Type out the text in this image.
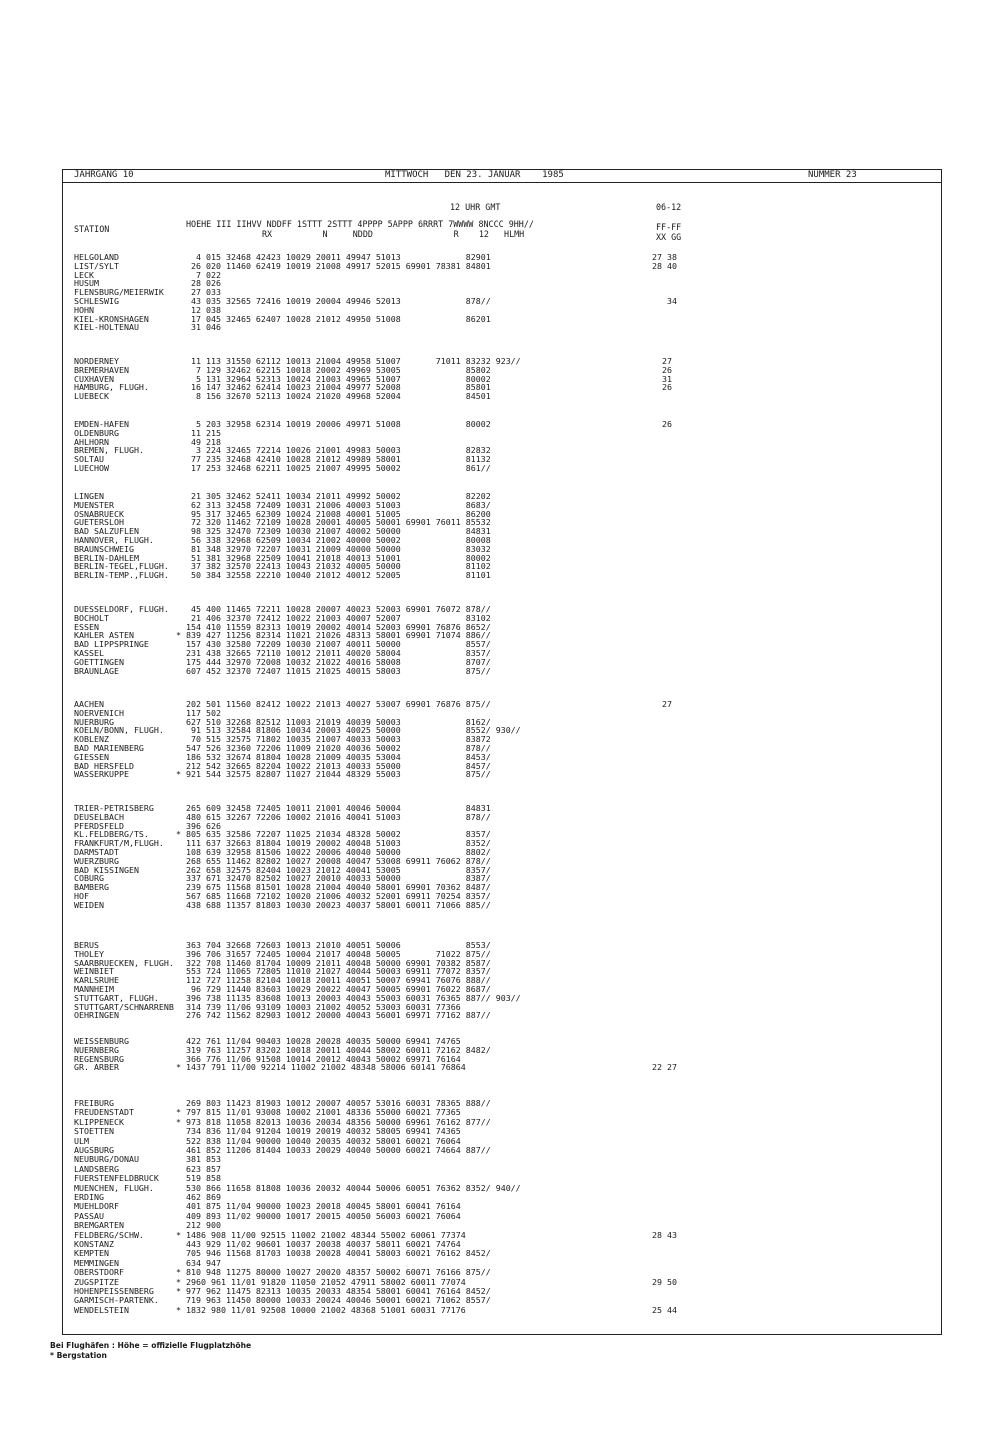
JAHRGANG 10	MITTWOCH   DEN 23. JANUAR    1985	NUMMER 23
12 UHR GMT	06-12
STATION	HOEHE III IIHVV NDDFF 1STTT 2STTT 4PPPP 5APPP 6RRRT 7WWWW 8NCCC 9HH//
RX          N     NDDD                R    12   HLMH
FF-FF
XX GG
HELGOLAND	4 015 32468 42423 10029 20011 49947 51013             82901	27 38
LIST/SYLT	26 020 11460 62419 10019 21008 49917 52015 69901 78381 84801	28 40
LECK	7 022
HUSUM	28 026
FLENSBURG/MEIERWIK	27 033
SCHLESWIG	43 035 32565 72416 10019 20004 49946 52013             878//	34
HOHN	12 038
KIEL-KRONSHAGEN	17 045 32465 62407 10028 21012 49950 51008             86201
KIEL-HOLTENAU	31 046
NORDERNEY	11 113 31550 62112 10013 21004 49958 51007       71011 83232 923//	27
BREMERHAVEN	7 129 32462 62215 10018 20002 49969 53005             85802	26
CUXHAVEN	5 131 32964 52313 10024 21003 49965 51007             80002	31
HAMBURG, FLUGH.	16 147 32462 62414 10023 21004 49977 52008             85801	26
LUEBECK	8 156 32670 52113 10024 21020 49968 52004             84501
EMDEN-HAFEN	5 203 32958 62314 10019 20006 49971 51008             80002	26
OLDENBURG	11 215
AHLHORN	49 218
BREMEN, FLUGH.	3 224 32465 72214 10026 21001 49983 50003             82832
SOLTAU	77 235 32468 42410 10028 21012 49989 58001             81132
LUECHOW	17 253 32468 62211 10025 21007 49995 50002             861//
LINGEN	21 305 32462 52411 10034 21011 49992 50002             82202
MUENSTER	62 313 32458 72409 10031 21006 40003 51003             8683/
OSNABRUECK	95 317 32465 62309 10024 21008 40001 51005             86200
GUETERSLOH	72 320 11462 72109 10028 20001 40005 50001 69901 76011 85532
BAD SALZUFLEN	98 325 32470 72309 10030 21007 40002 50000             84831
HANNOVER, FLUGH.	56 338 32968 62509 10034 21002 40000 50002             80008
BRAUNSCHWEIG	81 348 32970 72207 10031 21009 40000 50000             83032
BERLIN-DAHLEM	51 381 32968 22509 10041 21018 40013 51001             80002
BERLIN-TEGEL,FLUGH. 37 382 32570 22413 10043 21032 40005 50000             81102
BERLIN-TEMP.,FLUGH. 50 384 32558 22210 10040 21012 40012 52005             81101
DUESSELDORF, FLUGH. 45 400 11465 72211 10028 20007 40023 52003 69901 76072 878//
BOCHOLT	21 406 32370 72412 10022 21003 40007 52007             83102
ESSEN	154 410 11559 82313 10019 20002 40014 52003 69901 76876 8652/
KAHLER ASTEN	* 839 427 11256 82314 11021 21026 48313 58001 69901 71074 886//
BAD LIPPSPRINGE	157 430 32580 72209 10030 21007 40011 50000             8557/
KASSEL	231 438 32665 72110 10012 21011 40020 58004             8357/
GOETTINGEN	175 444 32970 72008 10032 21022 40016 58008             8707/
BRAUNLAGE	607 452 32370 72407 11015 21025 40015 58003             875//
AACHEN	202 501 11560 82412 10022 21013 40027 53007 69901 76876 875//	27
NOERVENICH	117 502
NUERBURG	627 510 32268 82512 11003 21019 40039 50003             8162/
KOELN/BONN, FLUGH.	91 513 32584 81806 10034 20003 40025 50000             8552/ 930//
KOBLENZ	70 515 32575 71802 10035 21007 40033 50003             83872
BAD MARIENBERG	547 526 32360 72206 11009 21020 40036 50002             878//
GIESSEN	186 532 32674 81804 10028 21009 40035 53004             8453/
BAD HERSFELD	212 542 32665 82204 10022 21013 40033 55000             8457/
WASSERKUPPE	* 921 544 32575 82807 11027 21044 48329 55003             875//
TRIER-PETRISBERG	265 609 32458 72405 10011 21001 40046 50004             84831
DEUSELBACH	480 615 32267 72206 10002 21016 40041 51003             878//
PFERDSFELD	396 626
KL.FELDBERG/TS.	* 805 635 32586 72207 11025 21034 48328 50002             8357/
FRANKFURT/M,FLUGH.	111 637 32663 81804 10019 20002 40048 51003             8352/
DARMSTADT	108 639 32958 81506 10022 20006 40040 50000             8802/
WUERZBURG	268 655 11462 82802 10027 20008 40047 53008 69911 76062 878//
BAD KISSINGEN	262 658 32575 82404 10023 21012 40041 53005             8357/
COBURG	337 671 32470 82502 10027 20010 40033 50000             8387/
BAMBERG	239 675 11568 81501 10028 21004 40040 58001 69901 70362 8487/
HOF	567 685 11668 72102 10020 21006 40032 52001 69911 70254 8357/
WEIDEN	438 688 11357 81803 10030 20023 40037 58001 60011 71066 885//
BERUS	363 704 32668 72603 10013 21010 40051 50006             8553/
THOLEY	396 706 31657 72405 10004 21017 40048 50005       71022 875//
SAARBRUECKEN, FLUGH. 322 708 11460 81704 10009 21011 40048 50000 69901 70382 8587/
WEINBIET	553 724 11065 72805 11010 21027 40044 50003 69911 77072 8357/
KARLSRUHE	112 727 11258 82104 10018 20011 40051 50007 69941 76076 888//
MANNHEIM	96 729 11440 83603 10029 20022 40047 50005 69901 76022 8687/
STUTTGART, FLUGH.	396 738 11135 83608 10013 20003 40043 55003 60031 76365 887// 903//
STUTTGART/SCHNARRENB 314 739 11/06 93109 10003 21002 40052 53003 60031 77366
OEHRINGEN	276 742 11562 82903 10012 20000 40043 56001 69971 77162 887//
WEISSENBURG	422 761 11/04 90403 10028 20028 40035 50000 69941 74765
NUERNBERG	319 763 11257 83202 10018 20011 40044 58002 60011 72162 8482/
REGENSBURG	366 776 11/06 91508 10014 20012 40043 50002 69971 76164
GR. ARBER	* 1437 791 11/00 92214 11002 21002 48348 58006 60141 76864	22 27
FREIBURG	269 803 11423 81903 10012 20007 40057 53016 60031 78365 888//
FREUDENSTADT	* 797 815 11/01 93008 10002 21001 48336 55000 60021 77365
KLIPPENECK	* 973 818 11058 82013 10036 20034 48356 50000 69961 76162 877//
STOETTEN	734 836 11/04 91204 10019 20019 40032 58005 69941 74365
ULM	522 838 11/04 90000 10040 20035 40032 58001 60021 76064
AUGSBURG	461 852 11206 81404 10033 20029 40040 50000 60021 74664 887//
NEUBURG/DONAU	381 853
LANDSBERG	623 857
FUERSTENFELDBRUCK	519 858
MUENCHEN, FLUGH.	530 866 11658 81808 10036 20032 40044 50006 60051 76362 8352/ 940//
ERDING	462 869
MUEHLDORF	401 875 11/04 90000 10023 20018 40045 58001 60041 76164
PASSAU	409 893 11/02 90000 10017 20015 40050 56003 60021 76064
BREMGARTEN	212 900
FELDBERG/SCHW.	* 1486 908 11/00 92515 11002 21002 48344 55002 60061 77374	28 43
KONSTANZ	443 929 11/02 90601 10037 20038 40037 58011 60021 74764
KEMPTEN	705 946 11568 81703 10038 20028 40041 58003 60021 76162 8452/
MEMMINGEN	634 947
OBERSTDORF	* 810 948 11275 80000 10027 20020 48357 50002 60071 76166 875//
ZUGSPITZE	* 2960 961 11/01 91820 11050 21052 47911 58002 60011 77074	29 50
HOHENPEISSENBERG	* 977 962 11475 82313 10035 20033 48354 58001 60041 76164 8452/
GARMISCH-PARTENK.	719 963 11450 80000 10033 20024 40046 50001 60021 71062 8557/
WENDELSTEIN	* 1832 980 11/01 92508 10000 21002 48368 51001 60031 77176	25 44
Bei Flughäfen : Höhe = offizielle Flugplatzhöhe
* Bergstation
